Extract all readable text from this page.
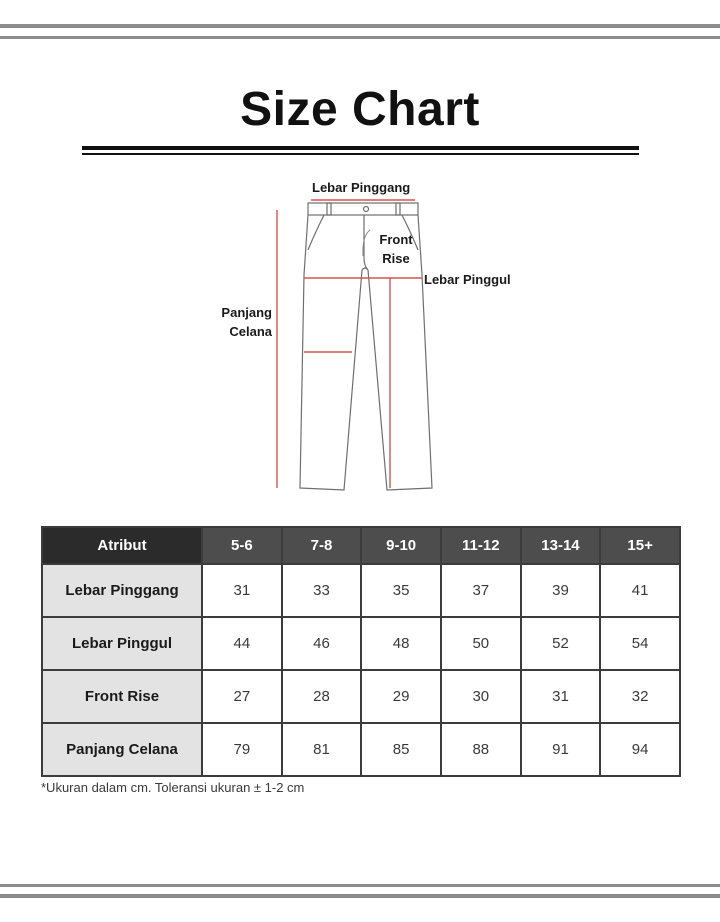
Size Chart
Lebar Pinggang
Front
Rise
Lebar Pinggul
Panjang
Celana
Atribut	5-6	7-8	9-10	11-12	13-14	15+
Lebar Pinggang	31	33	35	37	39	41
Lebar Pinggul	44	46	48	50	52	54
Front Rise	27	28	29	30	31	32
Panjang Celana	79	81	85	88	91	94
*Ukuran dalam cm. Toleransi ukuran ± 1-2 cm
